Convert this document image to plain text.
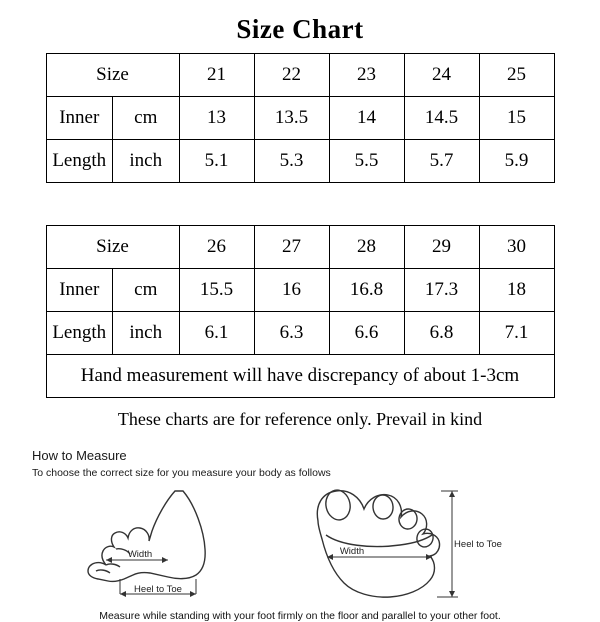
Size Chart
Size		21	22	23	24	25
Inner	cm	13	13.5	14	14.5	15
Length	inch	5.1	5.3	5.5	5.7	5.9

Size		26	27	28	29	30
Inner	cm	15.5	16	16.8	17.3	18
Length	inch	6.1	6.3	6.6	6.8	7.1
Hand measurement will have discrepancy of about 1-3cm						
These charts are for reference only. Prevail in kind
How to Measure
To choose the correct size for you measure your body as follows
Heel to Toe
Width	Width
Heel to Toe
Measure while standing with your foot firmly on the floor and parallel to your other foot.
